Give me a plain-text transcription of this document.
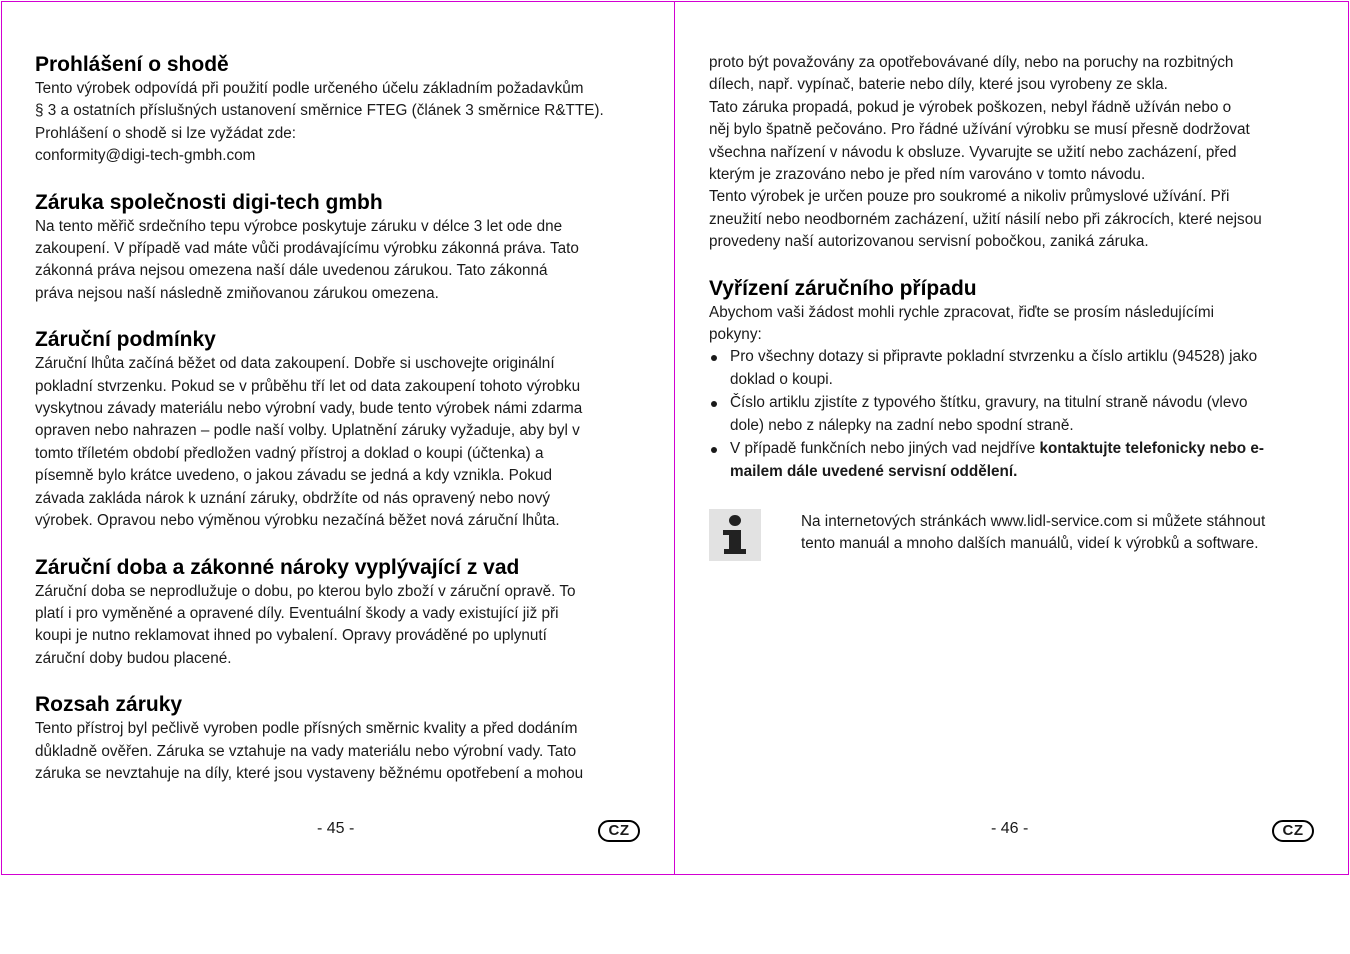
Prohlášení o shodě

Tento výrobek odpovídá při použití podle určeného účelu základním požadavkům

§ 3 a ostatních příslušných ustanovení směrnice FTEG (článek 3 směrnice R&TTE).

Prohlášení o shodě si lze vyžádat zde:

conformity@digi-tech-gmbh.com

Záruka společnosti digi-tech gmbh

Na tento měřič srdečního tepu výrobce poskytuje záruku v délce 3 let ode dne

zakoupení. V případě vad máte vůči prodávajícímu výrobku zákonná práva. Tato

zákonná práva nejsou omezena naší dále uvedenou zárukou. Tato zákonná

práva nejsou naší následně zmiňovanou zárukou omezena.

Záruční podmínky

Záruční lhůta začíná běžet od data zakoupení. Dobře si uschovejte originální

pokladní stvrzenku. Pokud se v průběhu tří let od data zakoupení tohoto výrobku

vyskytnou závady materiálu nebo výrobní vady, bude tento výrobek námi zdarma

opraven nebo nahrazen – podle naší volby. Uplatnění záruky vyžaduje, aby byl v

tomto tříletém období předložen vadný přístroj a doklad o koupi (účtenka) a

písemně bylo krátce uvedeno, o jakou závadu se jedná a kdy vznikla. Pokud

závada zakláda nárok k uznání záruky, obdržíte od nás opravený nebo nový

výrobek. Opravou nebo výměnou výrobku nezačíná běžet nová záruční lhůta.

Záruční doba a zákonné nároky vyplývající z vad

Záruční doba se neprodlužuje o dobu, po kterou bylo zboží v záruční opravě. To

platí i pro vyměněné a opravené díly. Eventuální škody a vady existující již při

koupi je nutno reklamovat ihned po vybalení. Opravy prováděné po uplynutí

záruční doby budou placené.

Rozsah záruky

Tento přístroj byl pečlivě vyroben podle přísných směrnic kvality a před dodáním

důkladně ověřen. Záruka se vztahuje na vady materiálu nebo výrobní vady. Tato

záruka se nevztahuje na díly, které jsou vystaveny běžnému opotřebení a mohou

- 45 -	CZ

proto být považovány za opotřebovávané díly, nebo na poruchy na rozbitných

dílech, např. vypínač, baterie nebo díly, které jsou vyrobeny ze skla.

Tato záruka propadá, pokud je výrobek poškozen, nebyl řádně užíván nebo o

něj bylo špatně pečováno. Pro řádné užívání výrobku se musí přesně dodržovat

všechna nařízení v návodu k obsluze. Vyvarujte se užití nebo zacházení, před

kterým je zrazováno nebo je před ním varováno v tomto návodu.

Tento výrobek je určen pouze pro soukromé a nikoliv průmyslové užívání. Při

zneužití nebo neodborném zacházení, užití násilí nebo při zákrocích, které nejsou

provedeny naší autorizovanou servisní pobočkou, zaniká záruka.

Vyřízení záručního případu

Abychom vaši žádost mohli rychle zpracovat, řiďte se prosím následujícími

pokyny:

Pro všechny dotazy si připravte pokladní stvrzenku a číslo artiklu (94528) jako
doklad o koupi.
Číslo artiklu zjistíte z typového štítku, gravury, na titulní straně návodu (vlevo
dole) nebo z nálepky na zadní nebo spodní straně.
V případě funkčních nebo jiných vad nejdříve kontaktujte telefonicky nebo e-
mailem dále uvedené servisní oddělení.

Na internetových stránkách www.lidl-service.com si můžete stáhnout
tento manuál a mnoho dalších manuálů, videí k výrobků a software.

- 46 -	CZ
